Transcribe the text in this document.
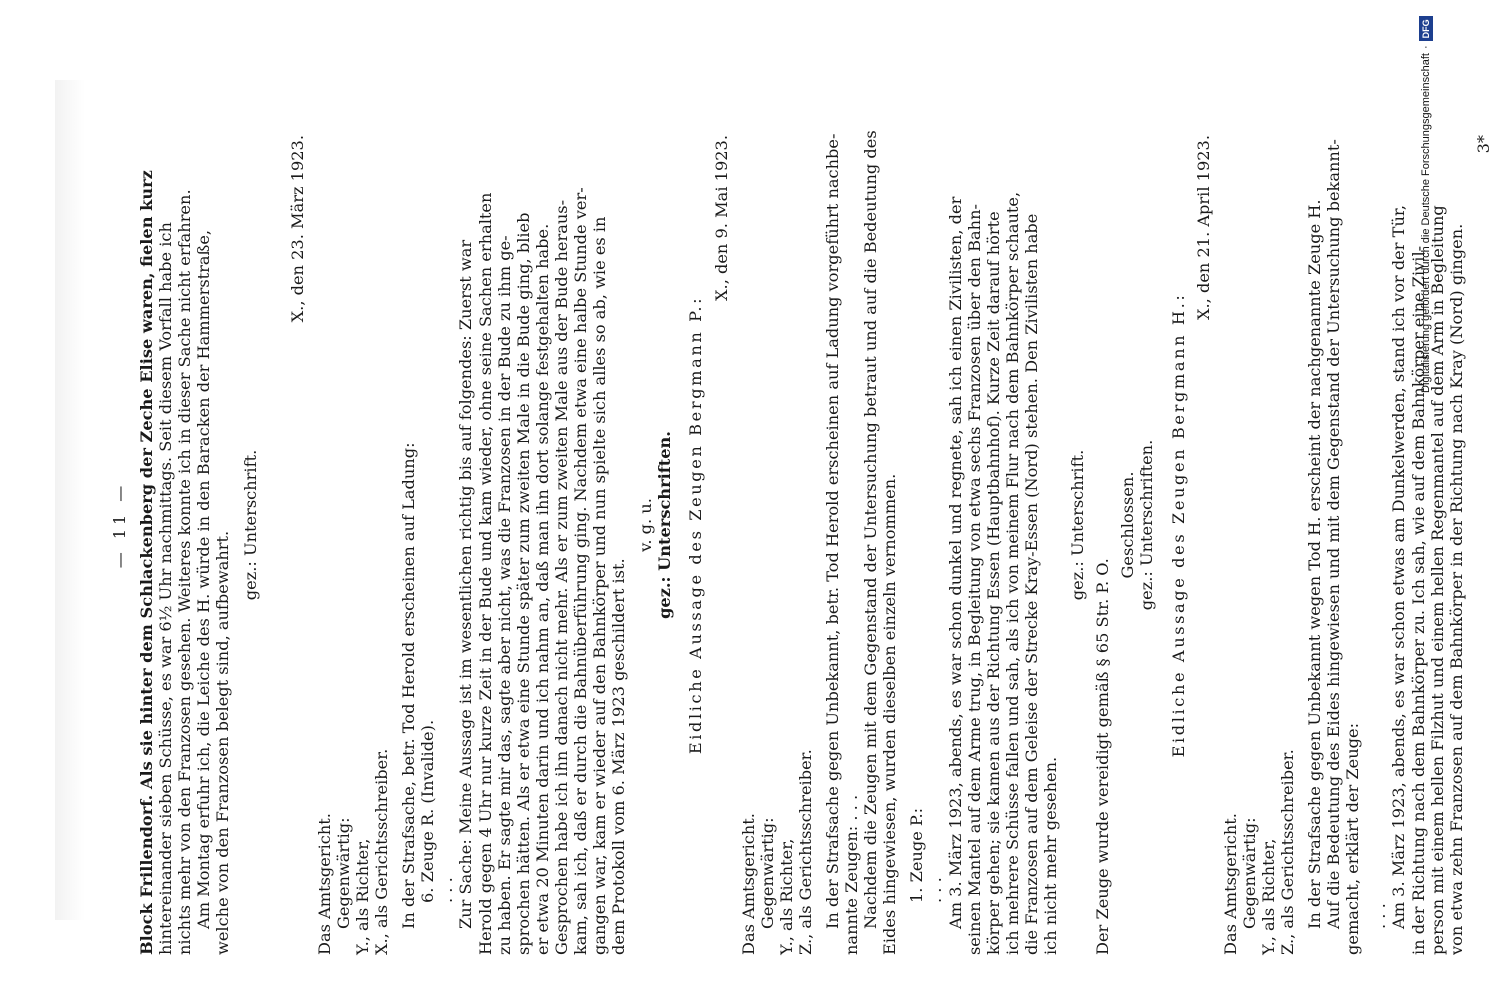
— 11 — Block Frillendorf. Als sie hinter dem Schlackenberg der Zeche Elise waren, fielen kurz hintereinander sieben Schüsse, es war 6½ Uhr nachmittags. Seit diesem Vorfall habe ich nichts mehr von den Franzosen gesehen. Weiteres konnte ich in dieser Sache nicht erfahren. Am Montag erfuhr ich, die Leiche des H. würde in den Baracken der Hammerstraße, welche von den Franzosen belegt sind, aufbewahrt.
gez.: Unterschrift.
X., den 23. März 1923.
Das Amtsgericht. Gegenwärtig: Y., als Richter, X., als Gerichtsschreiber. In der Strafsache, betr. Tod Herold erscheinen auf Ladung: 6. Zeuge R. (Invalide). . . . Zur Sache: Meine Aussage ist im wesentlichen richtig bis auf folgendes: Zuerst war Herold gegen 4 Uhr nur kurze Zeit in der Bude und kam wieder, ohne seine Sachen erhalten zu haben. Er sagte mir das, sagte aber nicht, was die Franzosen in der Bude zu ihm ge- sprochen hätten. Als er etwa eine Stunde später zum zweiten Male in die Bude ging, blieb er etwa 20 Minuten darin und ich nahm an, daß man ihn dort solange festgehalten habe. Gesprochen habe ich ihn danach nicht mehr. Als er zum zweiten Male aus der Bude heraus- kam, sah ich, daß er durch die Bahnüberführung ging. Nachdem etwa eine halbe Stunde ver- gangen war, kam er wieder auf den Bahnkörper und nun spielte sich alles so ab, wie es in dem Protokoll vom 6. März 1923 geschildert ist.
v. g. u. gez.: Unterschriften. Eidliche Aussage des Zeugen Bergmann P.:
X., den 9. Mai 1923.
Das Amtsgericht. Gegenwärtig: Y., als Richter, Z., als Gerichtsschreiber. In der Strafsache gegen Unbekannt, betr. Tod Herold erscheinen auf Ladung vorgeführt nachbe- nannte Zeugen: . . . Nachdem die Zeugen mit dem Gegenstand der Untersuchung betraut und auf die Bedeutung des Eides hingewiesen, wurden dieselben einzeln vernommen. 1. Zeuge P.: . . . Am 3. März 1923, abends, es war schon dunkel und regnete, sah ich einen Zivilisten, der seinen Mantel auf dem Arme trug, in Begleitung von etwa sechs Franzosen über den Bahn- körper gehen; sie kamen aus der Richtung Essen (Hauptbahnhof). Kurze Zeit darauf hörte ich mehrere Schüsse fallen und sah, als ich von meinem Flur nach dem Bahnkörper schaute, die Franzosen auf dem Geleise der Strecke Kray-Essen (Nord) stehen. Den Zivilisten habe ich nicht mehr gesehen.
gez.: Unterschrift.
Der Zeuge wurde vereidigt gemäß § 65 Str. P. O.
Geschlossen. gez.: Unterschriften. Eidliche Aussage des Zeugen Bergmann H.:
X., den 21. April 1923.
Das Amtsgericht. Gegenwärtig: Y., als Richter, Z., als Gerichtsschreiber. In der Strafsache gegen Unbekannt wegen Tod H. erscheint der nachgenannte Zeuge H. Auf die Bedeutung des Eides hingewiesen und mit dem Gegenstand der Untersuchung bekannt- gemacht, erklärt der Zeuge: . . . Am 3. März 1923, abends, es war schon etwas am Dunkelwerden, stand ich vor der Tür, in der Richtung nach dem Bahnkörper zu. Ich sah, wie auf dem Bahnkörper eine Zivil- person mit einem hellen Filzhut und einem hellen Regenmantel auf dem Arm in Begleitung von etwa zehn Franzosen auf dem Bahnkörper in der Richtung nach Kray (Nord) gingen.
3*
Digitalisierung gefördert durch die Deutsche Forschungsgemeinschaft
·
DFG
